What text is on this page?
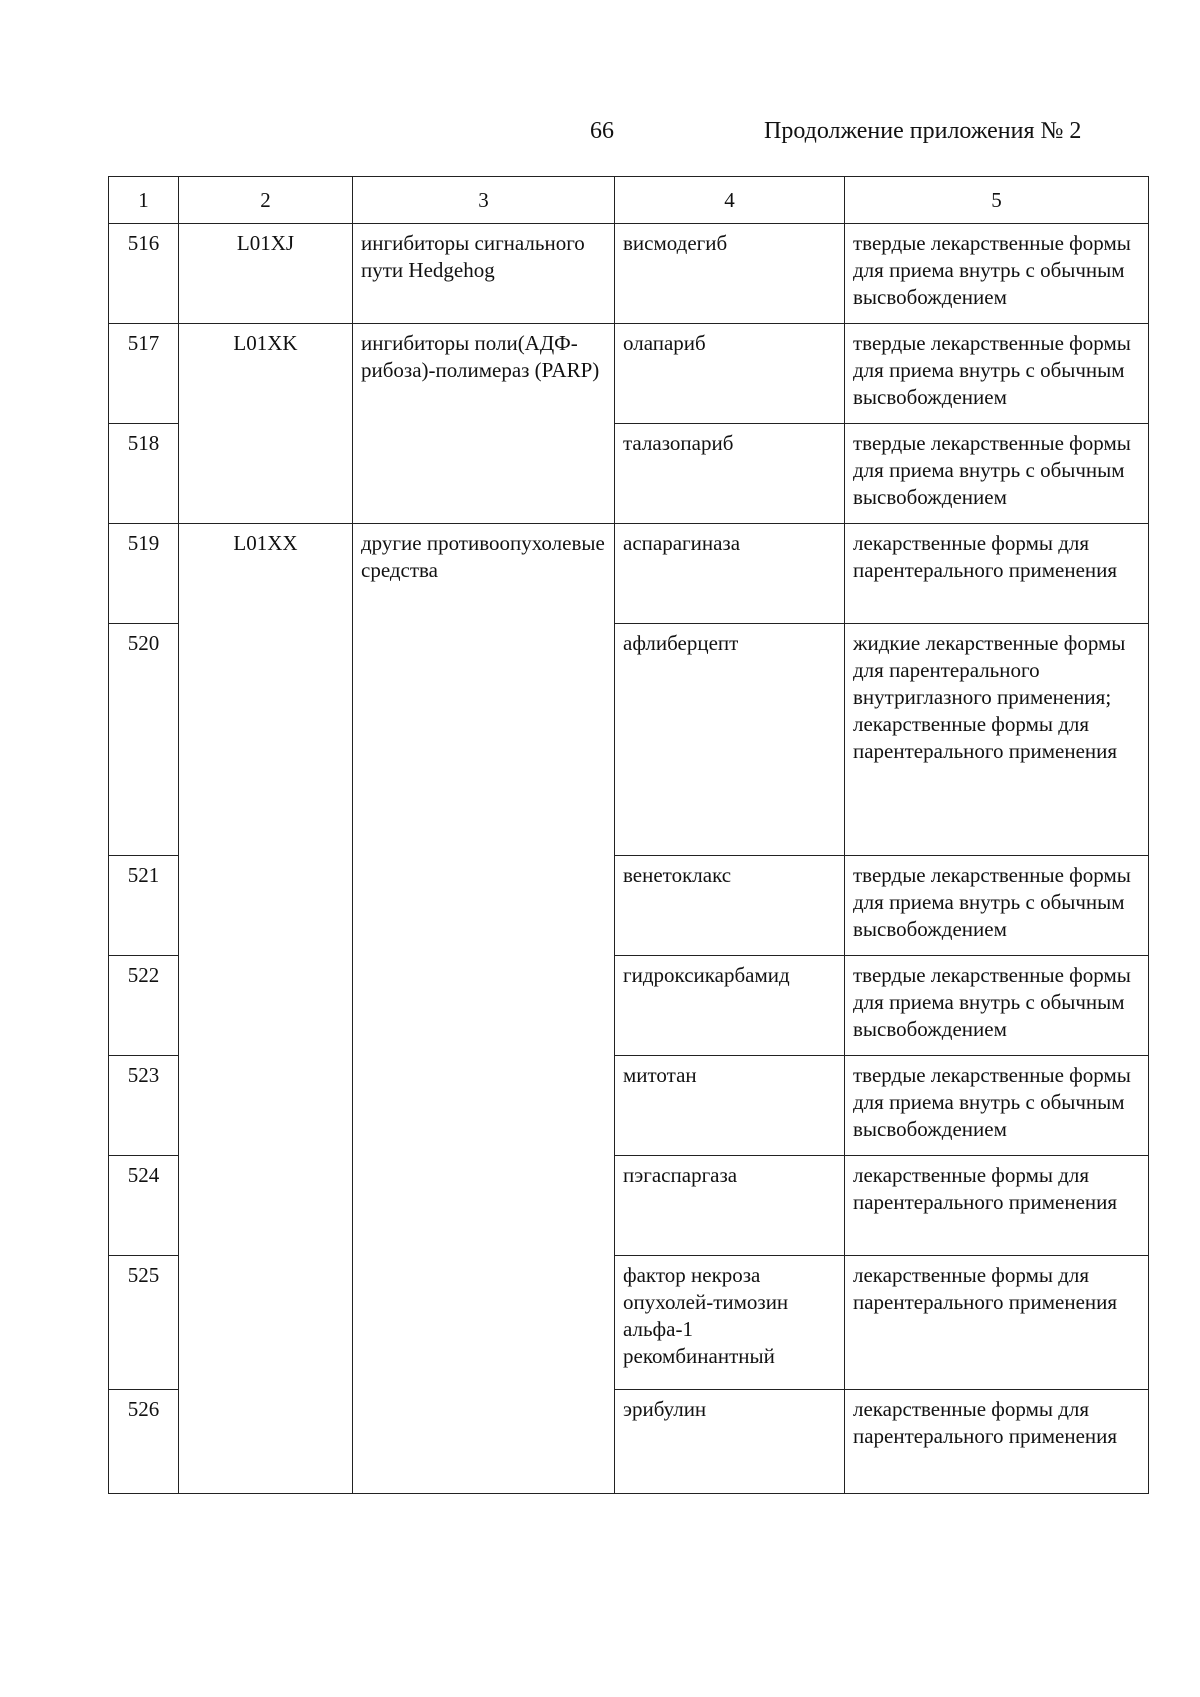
66	Продолжение приложения № 2
1	2	3	4	5
516	L01XJ	ингибиторы сигнального пути Hedgehog	висмодегиб	твердые лекарственные формы для приема внутрь с обычным высвобождением
517	L01XK	ингибиторы поли(АДФ-рибоза)-полимераз (PARP)	олапариб	твердые лекарственные формы для приема внутрь с обычным высвобождением
518			талазопариб	твердые лекарственные формы для приема внутрь с обычным высвобождением
519	L01XX	другие противоопухолевые средства	аспарагиназа	лекарственные формы для парентерального применения
520			афлиберцепт	жидкие лекарственные формы для парентерального внутриглазного применения; лекарственные формы для парентерального применения
521			венетоклакс	твердые лекарственные формы для приема внутрь с обычным высвобождением
522			гидроксикарбамид	твердые лекарственные формы для приема внутрь с обычным высвобождением
523			митотан	твердые лекарственные формы для приема внутрь с обычным высвобождением
524			пэгаспаргаза	лекарственные формы для парентерального применения
525			фактор некроза опухолей-тимозин альфа-1 рекомбинантный	лекарственные формы для парентерального применения
526			эрибулин	лекарственные формы для парентерального применения
